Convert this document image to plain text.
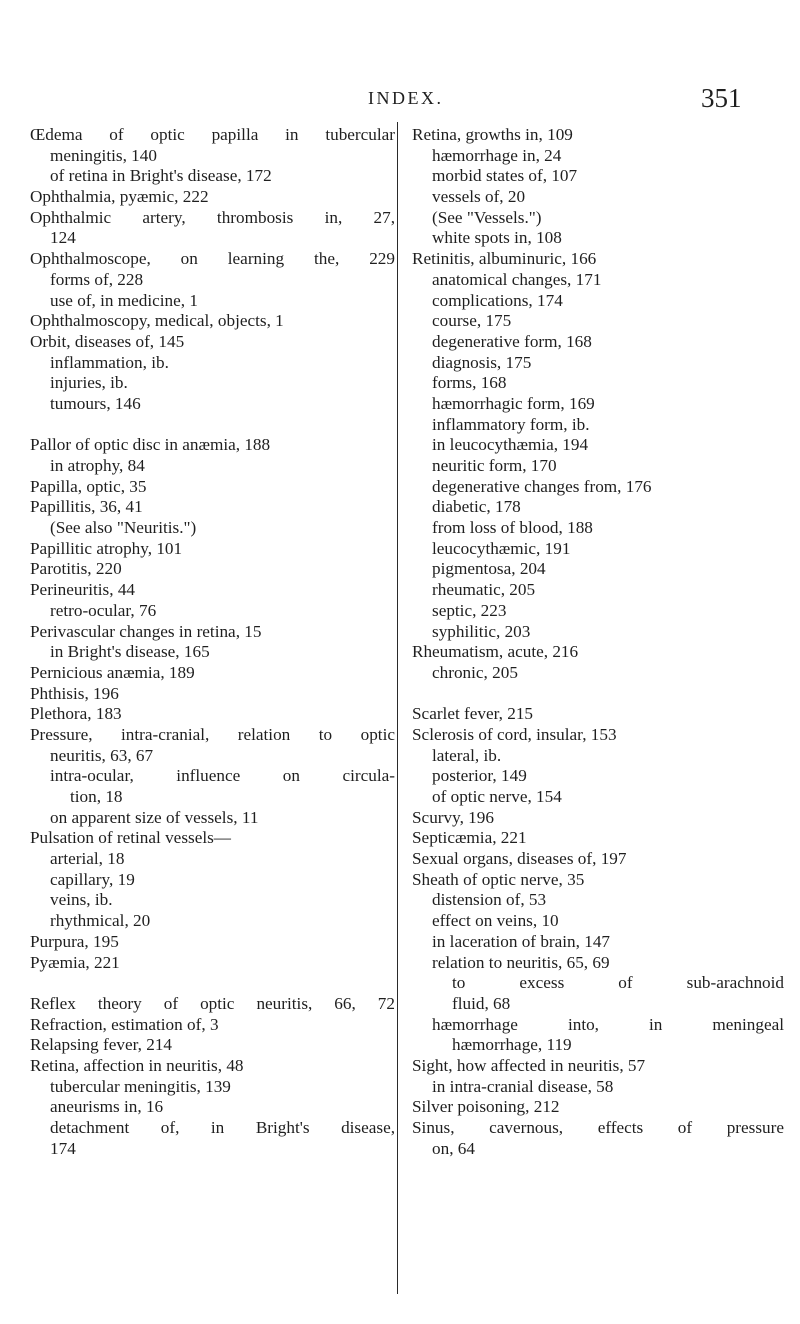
INDEX.	351
Œdema of optic papilla in tubercular
meningitis, 140
of retina in Bright's disease, 172
Ophthalmia, pyæmic, 222
Ophthalmic artery, thrombosis in, 27,
124
Ophthalmoscope, on learning the, 229
forms of, 228
use of, in medicine, 1
Ophthalmoscopy, medical, objects, 1
Orbit, diseases of, 145
inflammation, ib.
injuries, ib.
tumours, 146
Pallor of optic disc in anæmia, 188
in atrophy, 84
Papilla, optic, 35
Papillitis, 36, 41
(See also "Neuritis.")
Papillitic atrophy, 101
Parotitis, 220
Perineuritis, 44
retro-ocular, 76
Perivascular changes in retina, 15
in Bright's disease, 165
Pernicious anæmia, 189
Phthisis, 196
Plethora, 183
Pressure, intra-cranial, relation to optic
neuritis, 63, 67
intra-ocular, influence on circula-
tion, 18
on apparent size of vessels, 11
Pulsation of retinal vessels—
arterial, 18
capillary, 19
veins, ib.
rhythmical, 20
Purpura, 195
Pyæmia, 221
Reflex theory of optic neuritis, 66, 72
Refraction, estimation of, 3
Relapsing fever, 214
Retina, affection in neuritis, 48
tubercular meningitis, 139
aneurisms in, 16
detachment of, in Bright's disease,
174
Retina, growths in, 109
hæmorrhage in, 24
morbid states of, 107
vessels of, 20
(See "Vessels.")
white spots in, 108
Retinitis, albuminuric, 166
anatomical changes, 171
complications, 174
course, 175
degenerative form, 168
diagnosis, 175
forms, 168
hæmorrhagic form, 169
inflammatory form, ib.
in leucocythæmia, 194
neuritic form, 170
degenerative changes from, 176
diabetic, 178
from loss of blood, 188
leucocythæmic, 191
pigmentosa, 204
rheumatic, 205
septic, 223
syphilitic, 203
Rheumatism, acute, 216
chronic, 205
Scarlet fever, 215
Sclerosis of cord, insular, 153
lateral, ib.
posterior, 149
of optic nerve, 154
Scurvy, 196
Septicæmia, 221
Sexual organs, diseases of, 197
Sheath of optic nerve, 35
distension of, 53
effect on veins, 10
in laceration of brain, 147
relation to neuritis, 65, 69
to excess of sub-arachnoid
fluid, 68
hæmorrhage into, in meningeal
hæmorrhage, 119
Sight, how affected in neuritis, 57
in intra-cranial disease, 58
Silver poisoning, 212
Sinus, cavernous, effects of pressure
on, 64
